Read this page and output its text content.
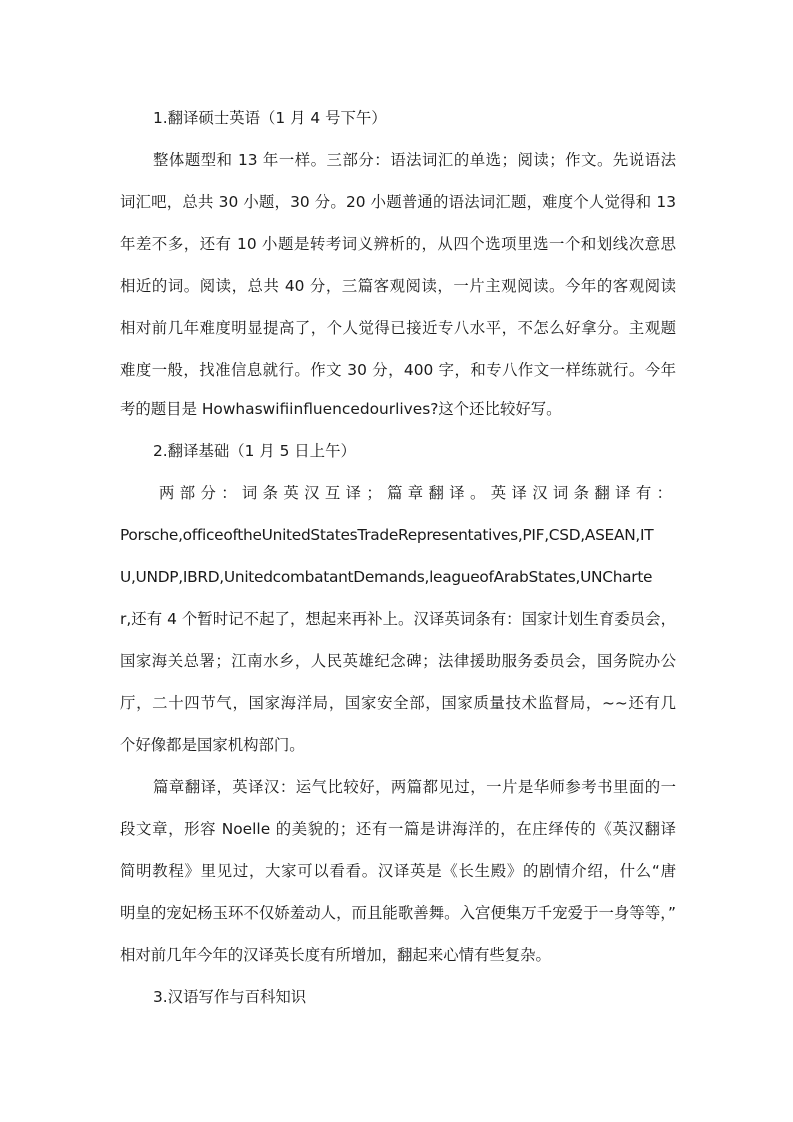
1.翻译硕士英语（1 月 4 号下午）
整体题型和 13 年一样。三部分：语法词汇的单选；阅读；作文。先说语法
词汇吧，总共 30 小题，30 分。20 小题普通的语法词汇题，难度个人觉得和 13
年差不多，还有 10 小题是转考词义辨析的，从四个选项里选一个和划线次意思
相近的词。阅读，总共 40 分，三篇客观阅读，一片主观阅读。今年的客观阅读
相对前几年难度明显提高了，个人觉得已接近专八水平，不怎么好拿分。主观题
难度一般，找准信息就行。作文 30 分，400 字，和专八作文一样练就行。今年
考的题目是 Howhaswifiinfluencedourlives?这个还比较好写。
2.翻译基础（1 月 5 日上午）
两部分：词条英汉互译；篇章翻译。英译汉词条翻译有：
Porsche,officeoftheUnitedStatesTradeRepresentatives,PIF,CSD,ASEAN,IT
U,UNDP,IBRD,UnitedcombatantDemands,leagueofArabStates,UNCharte
r,还有 4 个暂时记不起了，想起来再补上。汉译英词条有：国家计划生育委员会，
国家海关总署；江南水乡，人民英雄纪念碑；法律援助服务委员会，国务院办公
厅，二十四节气，国家海洋局，国家安全部，国家质量技术监督局，~~还有几
个好像都是国家机构部门。
篇章翻译，英译汉：运气比较好，两篇都见过，一片是华师参考书里面的一
段文章，形容 Noelle 的美貌的；还有一篇是讲海洋的，在庄绎传的《英汉翻译
简明教程》里见过，大家可以看看。汉译英是《长生殿》的剧情介绍，什么“唐
明皇的宠妃杨玉环不仅娇羞动人，而且能歌善舞。入宫便集万千宠爱于一身等等，”
相对前几年今年的汉译英长度有所增加，翻起来心情有些复杂。
3.汉语写作与百科知识
